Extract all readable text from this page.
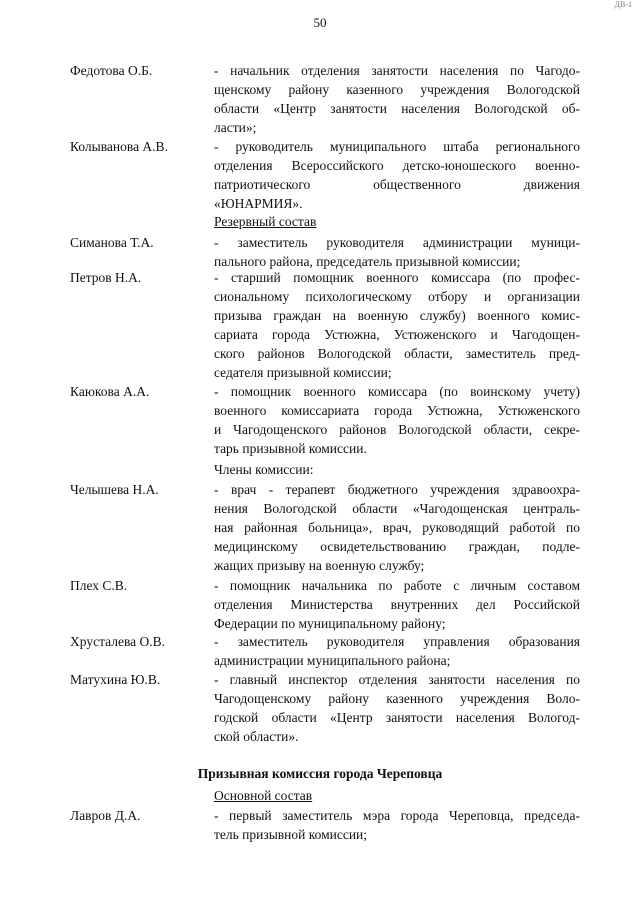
ДВ-1
50
Федотова О.Б.	- начальник отделения занятости населения по Чагодо-
щенскому району казенного учреждения Вологодской
области «Центр занятости населения Вологодской об-
ласти»;
Колыванова А.В.	- руководитель муниципального штаба регионального
отделения Всероссийского детско-юношеского военно-
патриотического общественного движения
«ЮНАРМИЯ».
Резервный состав
Симанова Т.А.	- заместитель руководителя администрации муници-
пального района, председатель призывной комиссии;
Петров Н.А.	- старший помощник военного комиссара (по профес-
сиональному психологическому отбору и организации
призыва граждан на военную службу) военного комис-
сариата города Устюжна, Устюженского и Чагодощен-
ского районов Вологодской области, заместитель пред-
седателя призывной комиссии;
Каюкова А.А.	- помощник военного комиссара (по воинскому учету)
военного комиссариата города Устюжна, Устюженского
и Чагодощенского районов Вологодской области, секре-
тарь призывной комиссии.
Члены комиссии:
Челышева Н.А.	- врач - терапевт бюджетного учреждения здравоохра-
нения Вологодской области «Чагодощенская централь-
ная районная больница», врач, руководящий работой по
медицинскому освидетельствованию граждан, подле-
жащих призыву на военную службу;
Плех С.В.	- помощник начальника по работе с личным составом
отделения Министерства внутренних дел Российской
Федерации по муниципальному району;
Хрусталева О.В.	- заместитель руководителя управления образования
администрации муниципального района;
Матухина Ю.В.	- главный инспектор отделения занятости населения по
Чагодощенскому району казенного учреждения Воло-
годской области «Центр занятости населения Вологод-
ской области».
Призывная комиссия города Череповца
Основной состав
Лавров Д.А.	- первый заместитель мэра города Череповца, председа-
тель призывной комиссии;
